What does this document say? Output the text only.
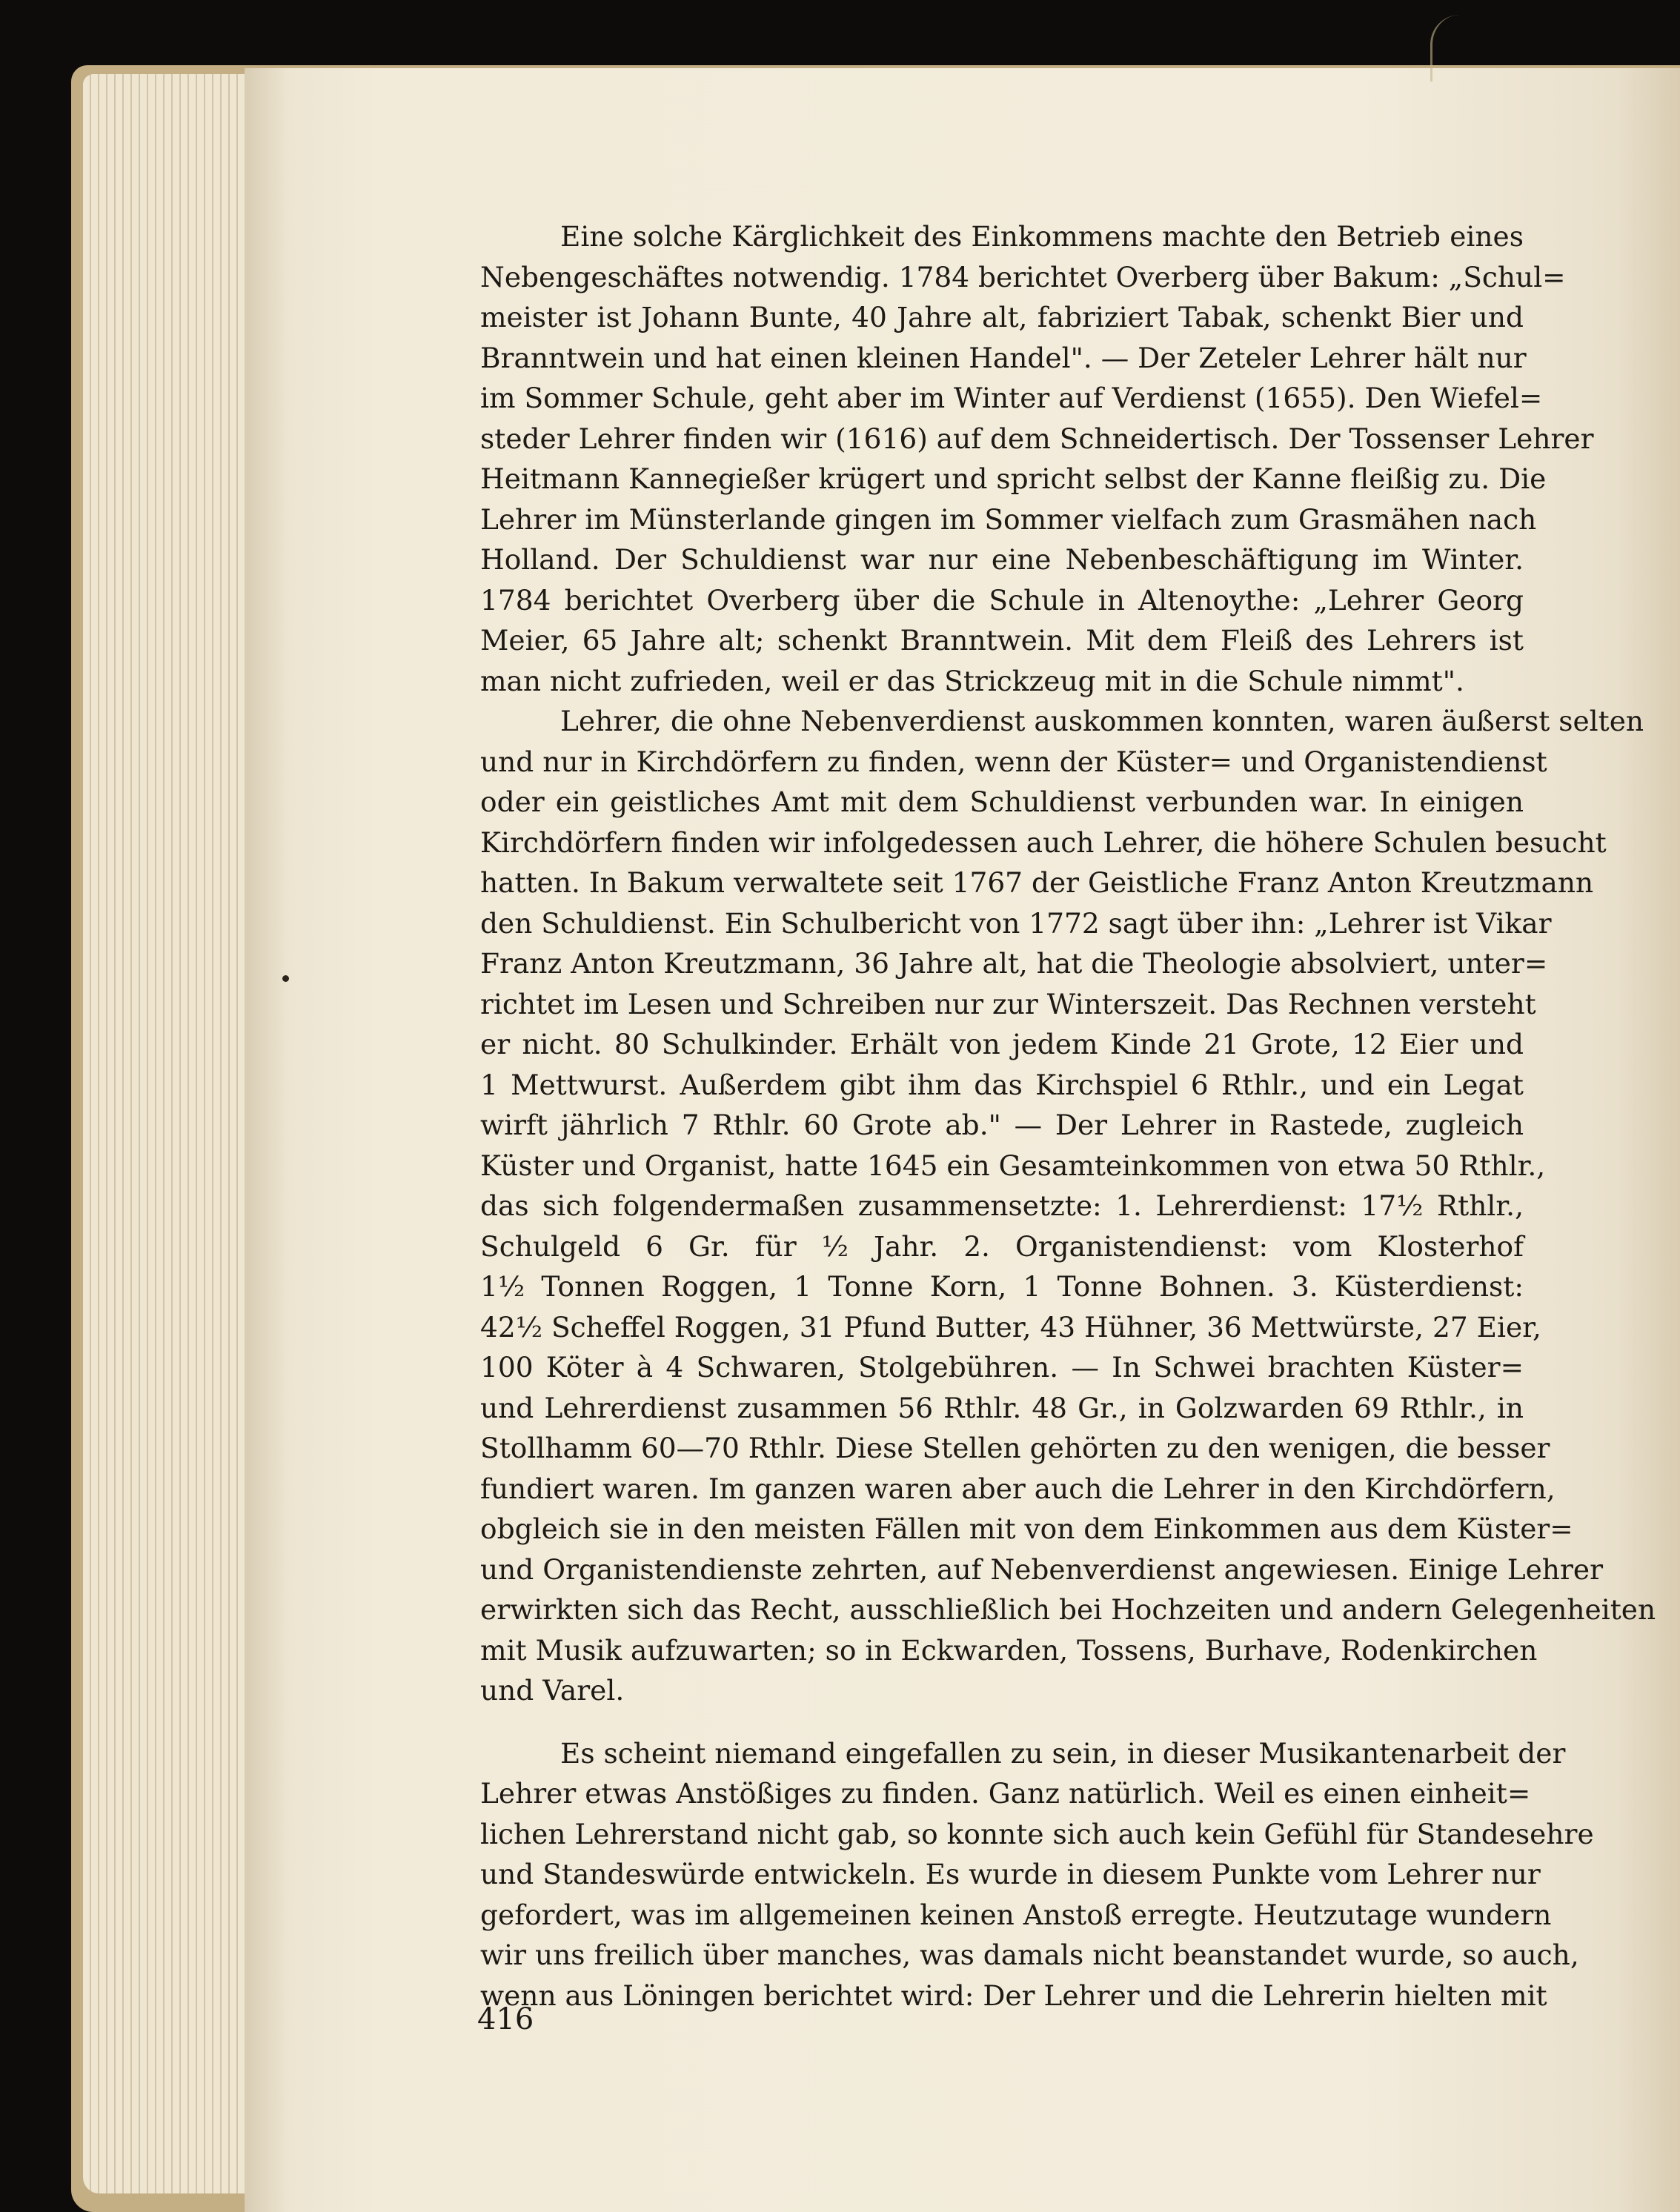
Eine solche Kärglichkeit des Einkommens machte den Betrieb eines
Nebengeschäftes notwendig. 1784 berichtet Overberg über Bakum: „Schul=
meister ist Johann Bunte, 40 Jahre alt, fabriziert Tabak, schenkt Bier und
Branntwein und hat einen kleinen Handel". — Der Zeteler Lehrer hält nur
im Sommer Schule, geht aber im Winter auf Verdienst (1655). Den Wiefel=
steder Lehrer finden wir (1616) auf dem Schneidertisch. Der Tossenser Lehrer
Heitmann Kannegießer krügert und spricht selbst der Kanne fleißig zu. Die
Lehrer im Münsterlande gingen im Sommer vielfach zum Grasmähen nach
Holland. Der Schuldienst war nur eine Nebenbeschäftigung im Winter.
1784 berichtet Overberg über die Schule in Altenoythe: „Lehrer Georg
Meier, 65 Jahre alt; schenkt Branntwein. Mit dem Fleiß des Lehrers ist
man nicht zufrieden, weil er das Strickzeug mit in die Schule nimmt".
Lehrer, die ohne Nebenverdienst auskommen konnten, waren äußerst selten
und nur in Kirchdörfern zu finden, wenn der Küster= und Organistendienst
oder ein geistliches Amt mit dem Schuldienst verbunden war. In einigen
Kirchdörfern finden wir infolgedessen auch Lehrer, die höhere Schulen besucht
hatten. In Bakum verwaltete seit 1767 der Geistliche Franz Anton Kreutzmann
den Schuldienst. Ein Schulbericht von 1772 sagt über ihn: „Lehrer ist Vikar
Franz Anton Kreutzmann, 36 Jahre alt, hat die Theologie absolviert, unter=
richtet im Lesen und Schreiben nur zur Winterszeit. Das Rechnen versteht
er nicht. 80 Schulkinder. Erhält von jedem Kinde 21 Grote, 12 Eier und
1 Mettwurst. Außerdem gibt ihm das Kirchspiel 6 Rthlr., und ein Legat
wirft jährlich 7 Rthlr. 60 Grote ab." — Der Lehrer in Rastede, zugleich
Küster und Organist, hatte 1645 ein Gesamteinkommen von etwa 50 Rthlr.,
das sich folgendermaßen zusammensetzte: 1. Lehrerdienst: 17½ Rthlr.,
Schulgeld 6 Gr. für ½ Jahr. 2. Organistendienst: vom Klosterhof
1½ Tonnen Roggen, 1 Tonne Korn, 1 Tonne Bohnen. 3. Küsterdienst:
42½ Scheffel Roggen, 31 Pfund Butter, 43 Hühner, 36 Mettwürste, 27 Eier,
100 Köter à 4 Schwaren, Stolgebühren. — In Schwei brachten Küster=
und Lehrerdienst zusammen 56 Rthlr. 48 Gr., in Golzwarden 69 Rthlr., in
Stollhamm 60—70 Rthlr. Diese Stellen gehörten zu den wenigen, die besser
fundiert waren. Im ganzen waren aber auch die Lehrer in den Kirchdörfern,
obgleich sie in den meisten Fällen mit von dem Einkommen aus dem Küster=
und Organistendienste zehrten, auf Nebenverdienst angewiesen. Einige Lehrer
erwirkten sich das Recht, ausschließlich bei Hochzeiten und andern Gelegenheiten
mit Musik aufzuwarten; so in Eckwarden, Tossens, Burhave, Rodenkirchen
und Varel.
Es scheint niemand eingefallen zu sein, in dieser Musikantenarbeit der
Lehrer etwas Anstößiges zu finden. Ganz natürlich. Weil es einen einheit=
lichen Lehrerstand nicht gab, so konnte sich auch kein Gefühl für Standesehre
und Standeswürde entwickeln. Es wurde in diesem Punkte vom Lehrer nur
gefordert, was im allgemeinen keinen Anstoß erregte. Heutzutage wundern
wir uns freilich über manches, was damals nicht beanstandet wurde, so auch,
wenn aus Löningen berichtet wird: Der Lehrer und die Lehrerin hielten mit
416
